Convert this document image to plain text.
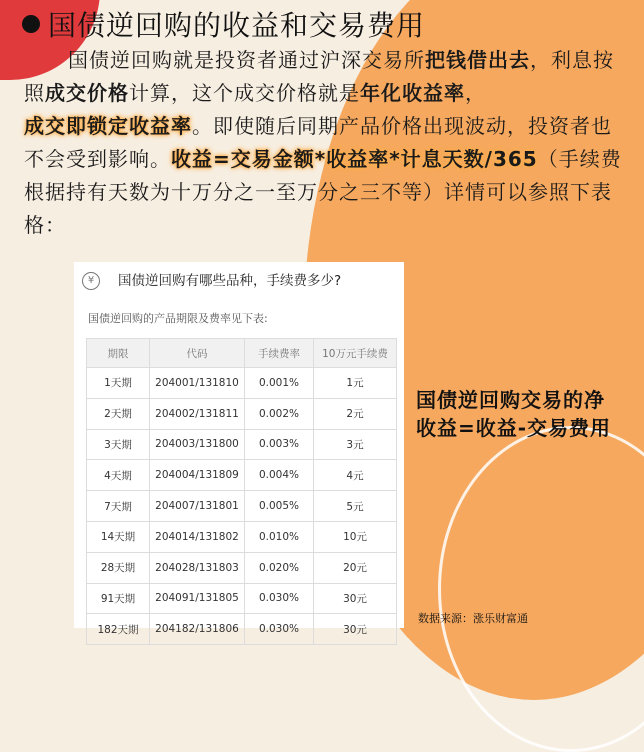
国债逆回购的收益和交易费用
国债逆回购就是投资者通过沪深交易所把钱借出去，利息按照成交价格计算，这个成交价格就是年化收益率，
成交即锁定收益率。即使随后同期产品价格出现波动，投资者也不会受到影响。收益=交易金额*收益率*计息天数/365（手续费根据持有天数为十万分之一至万分之三不等）详情可以参照下表格：
¥ 国债逆回购有哪些品种，手续费多少?
国债逆回购的产品期限及费率见下表:
期限	代码	手续费率	10万元手续费
1天期	204001/131810	0.001%	1元
2天期	204002/131811	0.002%	2元
3天期	204003/131800	0.003%	3元
4天期	204004/131809	0.004%	4元
7天期	204007/131801	0.005%	5元
14天期	204014/131802	0.010%	10元
28天期	204028/131803	0.020%	20元
91天期	204091/131805	0.030%	30元
182天期	204182/131806	0.030%	30元
国债逆回购交易的净
收益=收益-交易费用
数据来源：涨乐财富通
